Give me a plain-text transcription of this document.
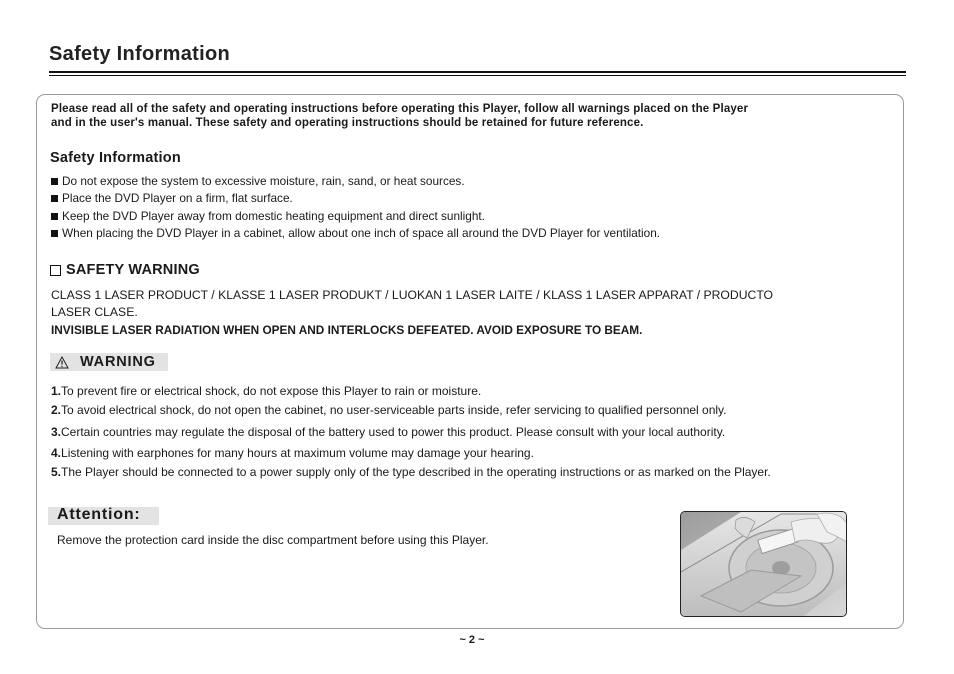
Safety Information
Please read all of the safety and operating instructions before operating this Player, follow all warnings placed on the Player
and in the user's manual. These safety and operating instructions should be retained for future reference.
Safety Information
Do not expose the system to excessive moisture, rain, sand, or heat sources.
Place the DVD Player on a firm, flat surface.
Keep the DVD Player away from domestic heating equipment and direct sunlight.
When placing the DVD Player in a cabinet, allow about one inch of space all around the DVD Player for ventilation.
SAFETY WARNING
CLASS 1 LASER PRODUCT / KLASSE 1 LASER PRODUKT / LUOKAN 1 LASER LAITE / KLASS 1 LASER APPARAT / PRODUCTO
LASER CLASE.
INVISIBLE LASER RADIATION WHEN OPEN AND INTERLOCKS DEFEATED. AVOID EXPOSURE TO BEAM.
WARNING
1.To prevent fire or electrical shock, do not expose this Player to rain or moisture.
2.To avoid electrical shock, do not open the cabinet, no user-serviceable parts inside, refer servicing to qualified personnel only.
3.Certain countries may regulate the disposal of the battery used to power this product. Please consult with your local authority.
4.Listening with earphones for many hours at maximum volume may damage your hearing.
5.The Player should be connected to a power supply only of the type described in the operating instructions or as marked on the Player.
Attention:
Remove the protection card inside the disc compartment before using this Player.
~ 2 ~
